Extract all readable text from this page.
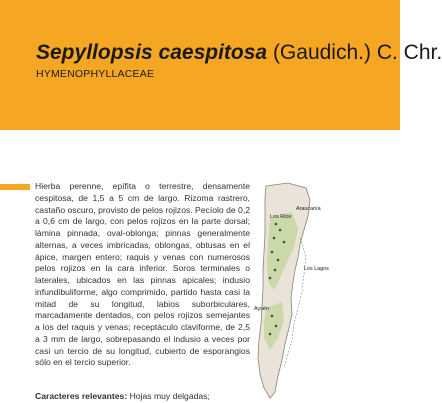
Sepyllopsis caespitosa (Gaudich.) C. Chr.
HYMENOPHYLLACEAE

Hierba perenne, epífita o terrestre, densamente cespitosa, de 1,5 a 5 cm de largo. Rizoma rastrero, castaño oscuro, provisto de pelos rojizos. Pecíolo de 0,2 a 0,6 cm de largo, con pelos rojizos en la parte dorsal; lámina pinnada, oval-oblonga; pinnas generalmente alternas, a veces imbricadas, oblongas, obtusas en el ápice, margen entero; raquis y venas con numerosos pelos rojizos en la cara inferior. Soros terminales o laterales, ubicados en las pinnas apicales; indusio infundibuliforme, algo comprimido, partido hasta casi la mitad de su longitud, labios suborbiculares, marcadamente dentados, con pelos rojizos semejantes a los del raquis y venas; receptáculo claviforme, de 2,5 a 3 mm de largo, sobrepasando el indusio a veces por casi un tercio de su longitud, cubierto de esporangios sólo en el tercio superior.

Caracteres relevantes: Hojas muy delgadas;
Los Ríos
Araucanía
Los Lagos
Aysén
